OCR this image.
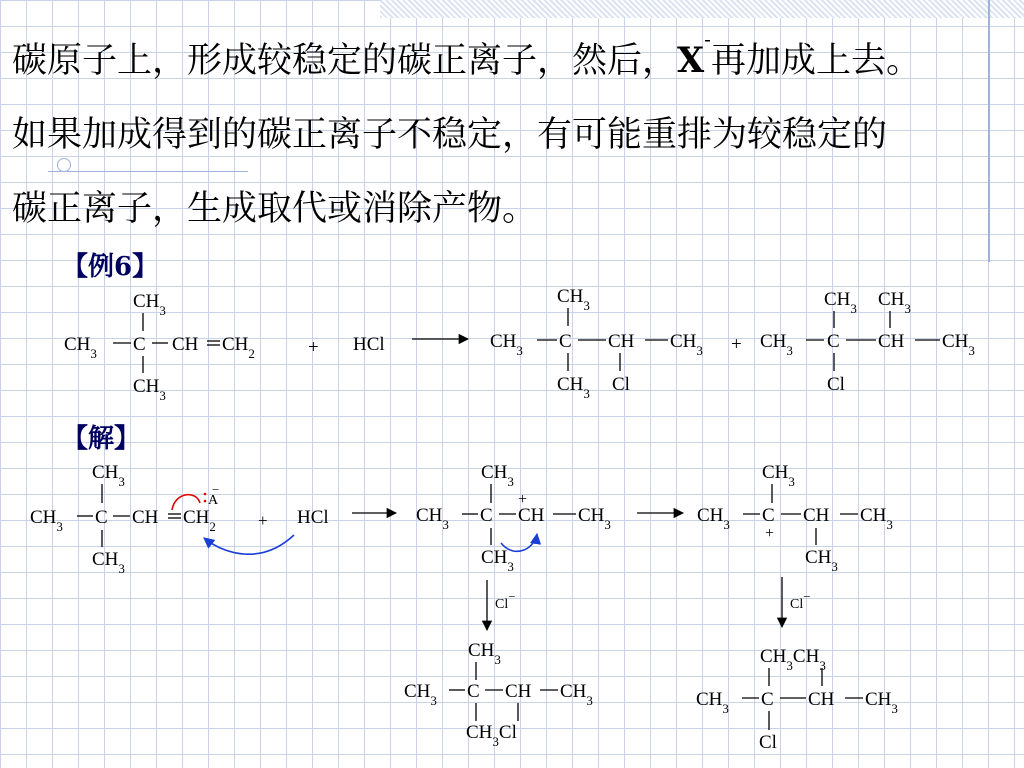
碳原子上，形成较稳定的碳正离子，然后，X-再加成上去。

如果加成得到的碳正离子不稳定，有可能重排为较稳定的

碳正离子，生成取代或消除产物。

【例6】
【解】
$CH_3$
$CH_3$ C CH $CH_2$
$CH_3$
+ HCl
$CH_3$
$CH_3$ C CH $CH_3$
$CH_3$ Cl
+
$CH_3$ $CH_3$
$CH_3$ C CH $CH_3$
Cl
$CH_3$
$CH_3$ C CH $CH_2$
$CH_3$
A
−
+ HCl
$CH_3$
$CH_3$ C CH
+
$CH_3$
$CH_3$
$CH_3$
$CH_3$ C
+
CH $CH_3$
$CH_3$
Cl−
Cl−
$CH_3$
$CH_3$ C CH $CH_3$
$CH_3Cl$
$CH_3CH_3$
$CH_3$ C CH $CH_3$
Cl
